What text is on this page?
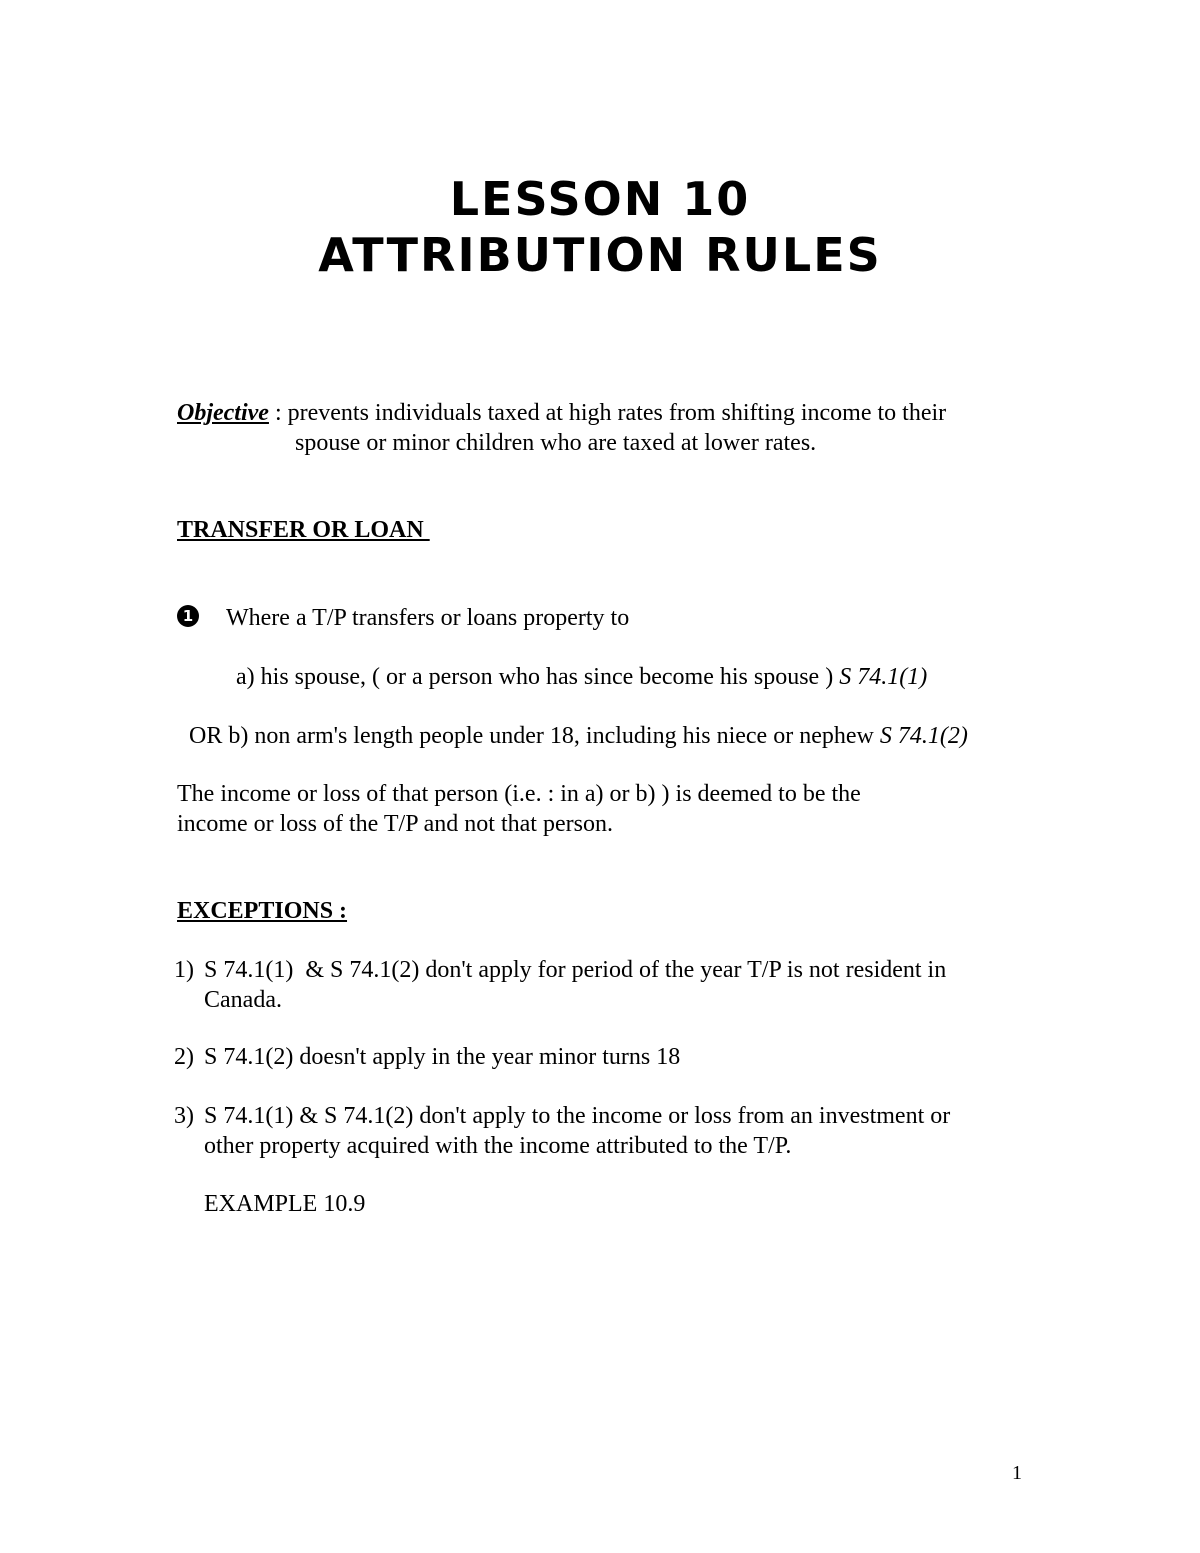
LESSON 10
ATTRIBUTION RULES
Objective : prevents individuals taxed at high rates from shifting income to their
spouse or minor children who are taxed at lower rates.
TRANSFER OR LOAN
1 Where a T/P transfers or loans property to
a) his spouse, ( or a person who has since become his spouse ) S 74.1(1)
OR b) non arm's length people under 18, including his niece or nephew S 74.1(2)
The income or loss of that person (i.e. : in a) or b) ) is deemed to be the
income or loss of the T/P and not that person.
EXCEPTIONS :
1) S 74.1(1)  & S 74.1(2) don't apply for period of the year T/P is not resident in
Canada.
2) S 74.1(2) doesn't apply in the year minor turns 18
3) S 74.1(1) & S 74.1(2) don't apply to the income or loss from an investment or
other property acquired with the income attributed to the T/P.
EXAMPLE 10.9
1
